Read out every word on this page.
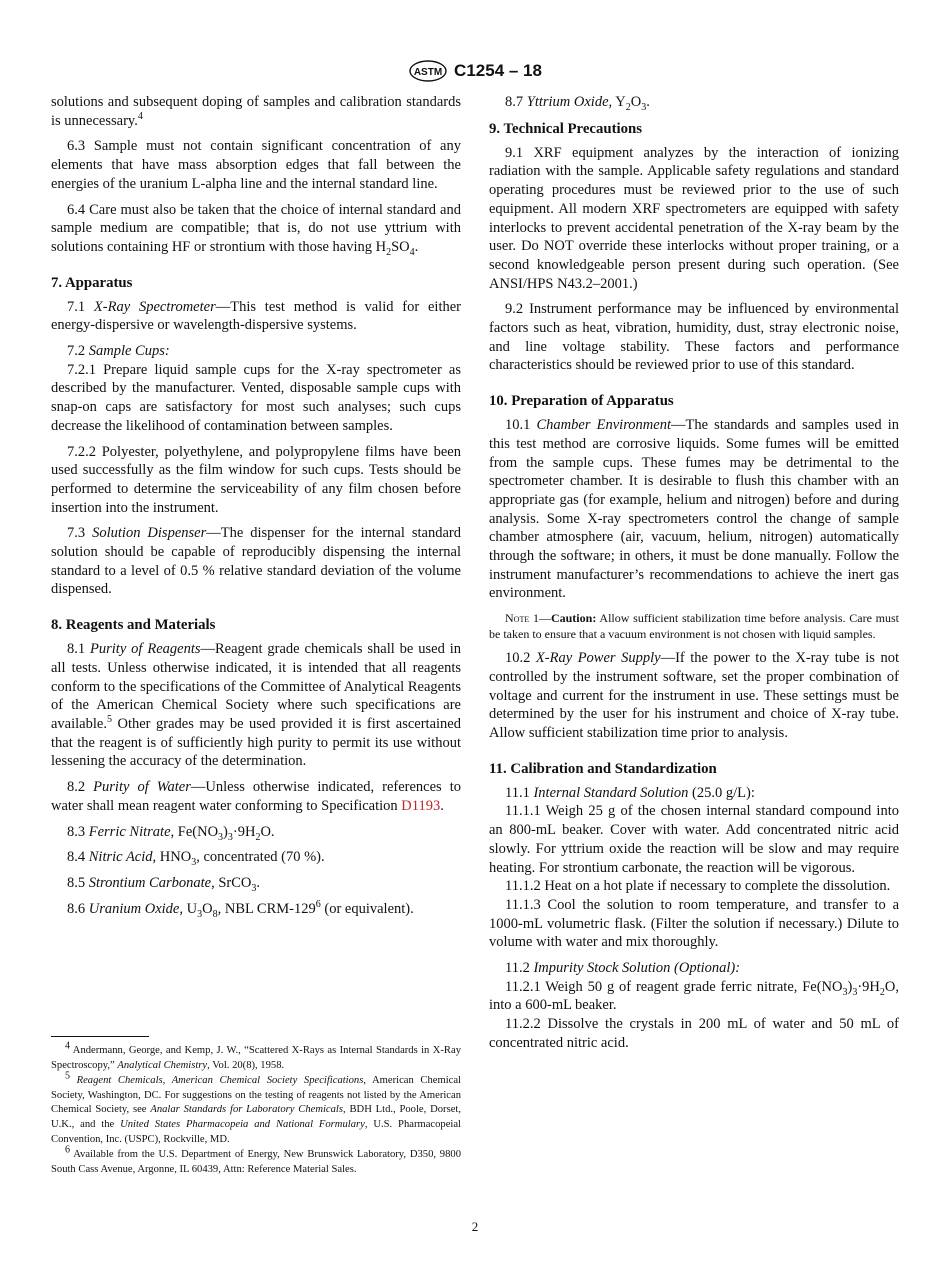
ASTM C1254 – 18

solutions and subsequent doping of samples and calibration standards is unnecessary.$^4$

6.3 Sample must not contain significant concentration of any elements that have mass absorption edges that fall between the energies of the uranium L-alpha line and the internal standard line.

6.4 Care must also be taken that the choice of internal standard and sample medium are compatible; that is, do not use yttrium with solutions containing HF or strontium with those having $H_2SO_4$.

7. Apparatus

7.1 X-Ray Spectrometer—This test method is valid for either energy-dispersive or wavelength-dispersive systems.

7.2 Sample Cups:

7.2.1 Prepare liquid sample cups for the X-ray spectrometer as described by the manufacturer. Vented, disposable sample cups with snap-on caps are satisfactory for most such analyses; such cups decrease the likelihood of contamination between samples.

7.2.2 Polyester, polyethylene, and polypropylene films have been used successfully as the film window for such cups. Tests should be performed to determine the serviceability of any film chosen before insertion into the instrument.

7.3 Solution Dispenser—The dispenser for the internal standard solution should be capable of reproducibly dispensing the internal standard to a level of 0.5 % relative standard deviation of the volume dispensed.

8. Reagents and Materials

8.1 Purity of Reagents—Reagent grade chemicals shall be used in all tests. Unless otherwise indicated, it is intended that all reagents conform to the specifications of the Committee of Analytical Reagents of the American Chemical Society where such specifications are available.$^5$ Other grades may be used provided it is first ascertained that the reagent is of sufficiently high purity to permit its use without lessening the accuracy of the determination.

8.2 Purity of Water—Unless otherwise indicated, references to water shall mean reagent water conforming to Specification D1193.

8.3 Ferric Nitrate, $Fe(NO_3)_3\cdot 9H_2O$.

8.4 Nitric Acid, $HNO_3$, concentrated (70 %).

8.5 Strontium Carbonate, SrCO$_3$.

8.6 Uranium Oxide, $U_3O_8$, NBL CRM-$129^6$ (or equivalent).

8.7 Yttrium Oxide, $Y_2O_3$.

9. Technical Precautions

9.1 XRF equipment analyzes by the interaction of ionizing radiation with the sample. Applicable safety regulations and standard operating procedures must be reviewed prior to the use of such equipment. All modern XRF spectrometers are equipped with safety interlocks to prevent accidental penetration of the X-ray beam by the user. Do NOT override these interlocks without proper training, or a second knowledgeable person present during such operation. (See ANSI/HPS N43.2–2001.)

9.2 Instrument performance may be influenced by environmental factors such as heat, vibration, humidity, dust, stray electronic noise, and line voltage stability. These factors and performance characteristics should be reviewed prior to use of this standard.

10. Preparation of Apparatus

10.1 Chamber Environment—The standards and samples used in this test method are corrosive liquids. Some fumes will be emitted from the sample cups. These fumes may be detrimental to the spectrometer chamber. It is desirable to flush this chamber with an appropriate gas (for example, helium and nitrogen) before and during analysis. Some X-ray spectrometers control the change of sample chamber atmosphere (air, vacuum, helium, nitrogen) automatically through the software; in others, it must be done manually. Follow the instrument manufacturer’s recommendations to achieve the inert gas environment.

Note 1—Caution: Allow sufficient stabilization time before analysis. Care must be taken to ensure that a vacuum environment is not chosen with liquid samples.

10.2 X-Ray Power Supply—If the power to the X-ray tube is not controlled by the instrument software, set the proper combination of voltage and current for the instrument in use. These settings must be determined by the user for his instrument and choice of X-ray tube. Allow sufficient stabilization time prior to analysis.

11. Calibration and Standardization

11.1 Internal Standard Solution (25.0 g/L):

11.1.1 Weigh 25 g of the chosen internal standard compound into an 800-mL beaker. Cover with water. Add concentrated nitric acid slowly. For yttrium oxide the reaction will be slow and may require heating. For strontium carbonate, the reaction will be vigorous.

11.1.2 Heat on a hot plate if necessary to complete the dissolution.

11.1.3 Cool the solution to room temperature, and transfer to a 1000-mL volumetric flask. (Filter the solution if necessary.) Dilute to volume with water and mix thoroughly.

11.2 Impurity Stock Solution (Optional):

11.2.1 Weigh 50 g of reagent grade ferric nitrate, $Fe(NO_3)_3\cdot 9H_2O$, into a 600-mL beaker.

11.2.2 Dissolve the crystals in 200 mL of water and 50 mL of concentrated nitric acid.

$^4$ Andermann, George, and Kemp, J. W., “Scattered X-Rays as Internal Standards in X-Ray Spectroscopy,” Analytical Chemistry, Vol. 20(8), 1958.

$^5$ Reagent Chemicals, American Chemical Society Specifications, American Chemical Society, Washington, DC. For suggestions on the testing of reagents not listed by the American Chemical Society, see Analar Standards for Laboratory Chemicals, BDH Ltd., Poole, Dorset, U.K., and the United States Pharmacopeia and National Formulary, U.S. Pharmacopeial Convention, Inc. (USPC), Rockville, MD.

$^6$ Available from the U.S. Department of Energy, New Brunswick Laboratory, D350, 9800 South Cass Avenue, Argonne, IL 60439, Attn: Reference Material Sales.

2
